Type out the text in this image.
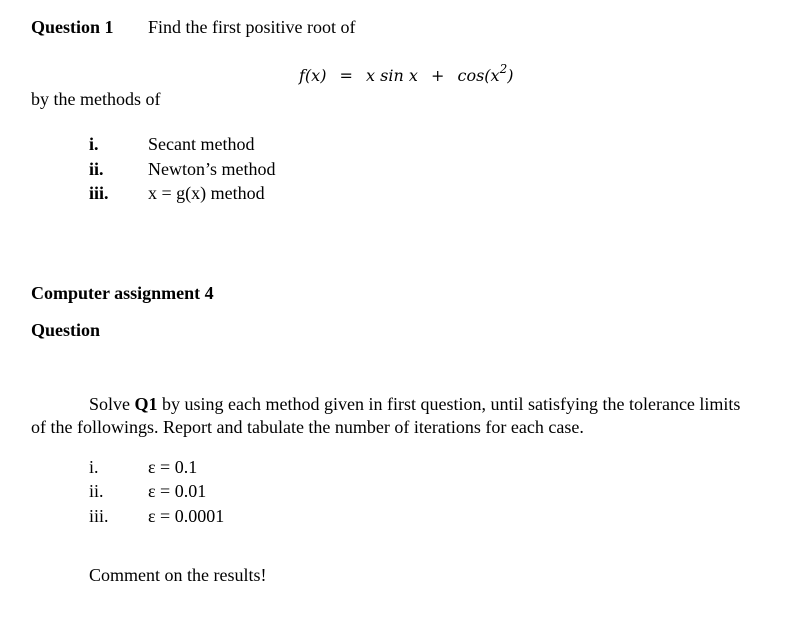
Question 1 Find the first positive root of
f(x) = x $\sin x + \cos(x^2)$
by the methods of
i.	Secant method
ii. Newton’s method
iii. x = g(x) method
Computer assignment 4
Question
Solve Q1 by using each method given in first question, until satisfying the tolerance limits
of the followings. Report and tabulate the number of iterations for each case.
i.	ε = 0.1
ii. ε = 0.01
iii. ε = 0.0001
Comment on the results!
